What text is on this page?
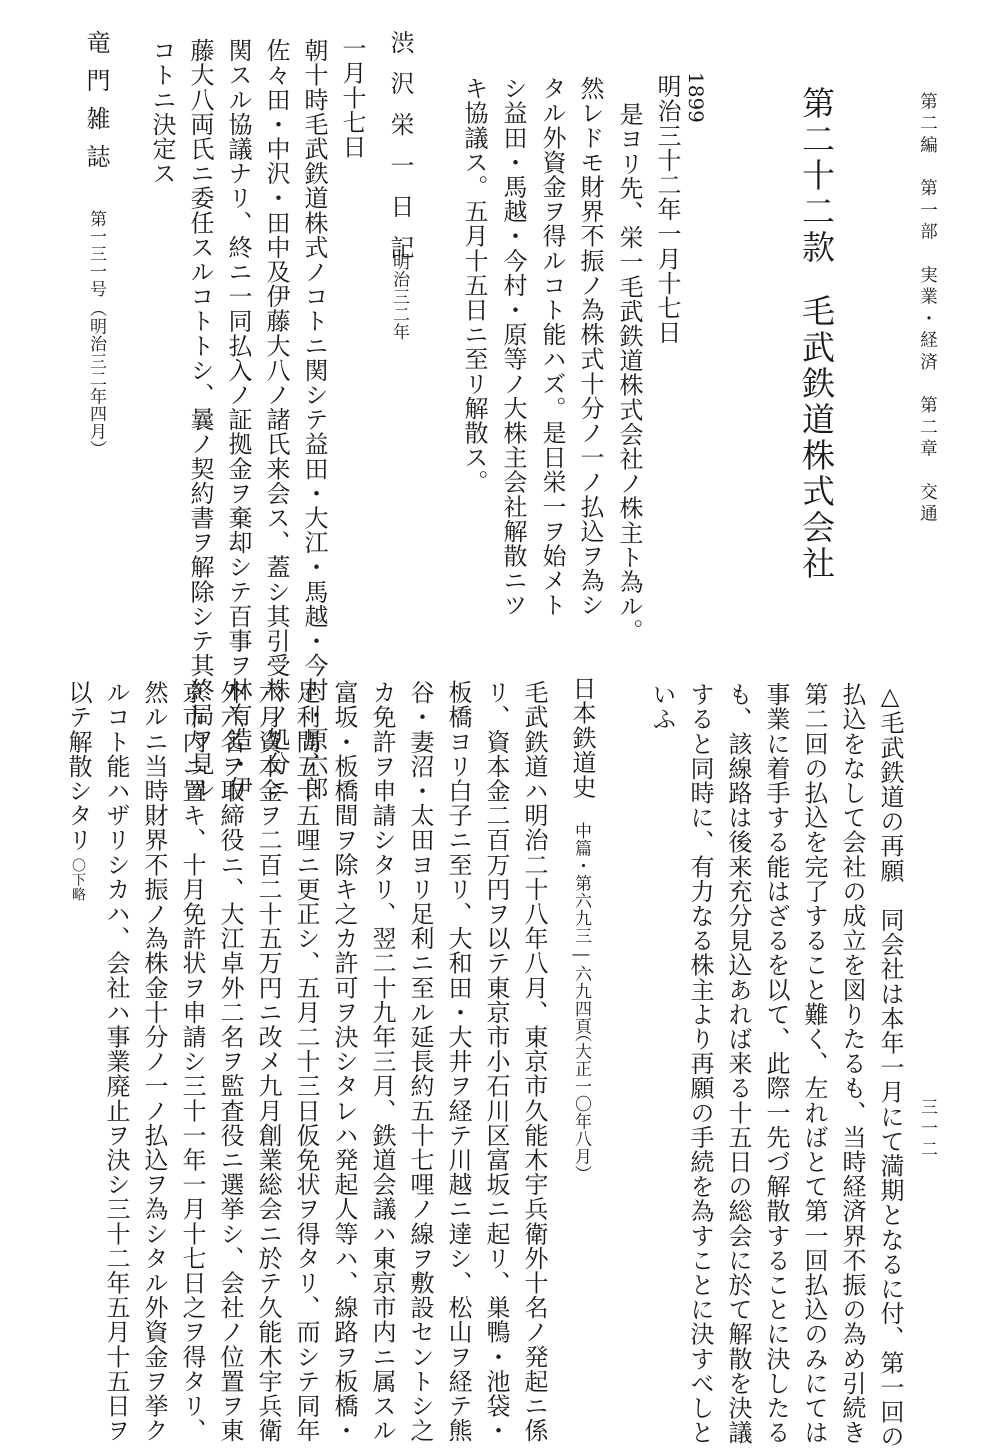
第二編　第一部　実業・経済　第二章　交通
三一二
第二十二款毛武鉄道株式会社
1899
明治三十二年一月十七日
是ヨリ先、栄一毛武鉄道株式会社ノ株主ト為ル。
然レドモ財界不振ノ為株式十分ノ一ノ払込ヲ為シ
タル外資金ヲ得ルコト能ハズ。是日栄一ヲ始メト
シ益田・馬越・今村・原等ノ大株主会社解散ニツ
キ協議ス。五月十五日ニ至リ解散ス。
渋沢栄一日記
明治三二年
一月十七日
朝十時毛武鉄道株式ノコトニ関シテ益田・大江・馬越・今村・原六郎
佐々田・中沢・田中及伊藤大八ノ諸氏来会ス、蓋シ其引受株ノ処分ニ
関スル協議ナリ、終ニ一同払入ノ証拠金ヲ棄却シテ百事ヲ林有造・伊
藤大八両氏ニ委任スルコトトシ、曩ノ契約書ヲ解除シテ其終局ヲ見ル
コトニ決定ス
竜門雑誌
第一三一号
（明治三二年四月）
△毛武鉄道の再願　同会社は本年一月にて満期となるに付、第一回の
払込をなして会社の成立を図りたるも、当時経済界不振の為め引続き
第二回の払込を完了すること難く、左ればとて第一回払込のみにては
事業に着手する能はざるを以て、此際一先づ解散することに決したる
も、該線路は後来充分見込あれば来る十五日の総会に於て解散を決議
すると同時に、有力なる株主より再願の手続を為すことに決すべしと
いふ
日本鉄道史
中篇・第六九三―六九四頁
（大正一〇年八月）
毛武鉄道ハ明治二十八年八月、東京市久能木宇兵衛外十名ノ発起ニ係
リ、資本金二百万円ヲ以テ東京市小石川区富坂ニ起リ、巣鴨・池袋・
板橋ヨリ白子ニ至リ、大和田・大井ヲ経テ川越ニ達シ、松山ヲ経テ熊
谷・妻沼・太田ヨリ足利ニ至ル延長約五十七哩ノ線ヲ敷設セントシ之
カ免許ヲ申請シタリ、翌二十九年三月、鉄道会議ハ東京市内ニ属スル
富坂・板橋間ヲ除キ之カ許可ヲ決シタレハ発起人等ハ、線路ヲ板橋・
足利間五十五哩ニ更正シ、五月二十三日仮免状ヲ得タリ、而シテ同年
六月資本金ヲ二百二十五万円ニ改メ九月創業総会ニ於テ久能木宇兵衛
外六名ヲ取締役ニ、大江卓外二名ヲ監査役ニ選挙シ、会社ノ位置ヲ東
京市内ニ置キ、十月免許状ヲ申請シ三十一年一月十七日之ヲ得タリ、
然ルニ当時財界不振ノ為株金十分ノ一ノ払込ヲ為シタル外資金ヲ挙ク
ルコト能ハザリシカハ、会社ハ事業廃止ヲ決シ三十二年五月十五日ヲ
以テ解散シタリ〇下略
